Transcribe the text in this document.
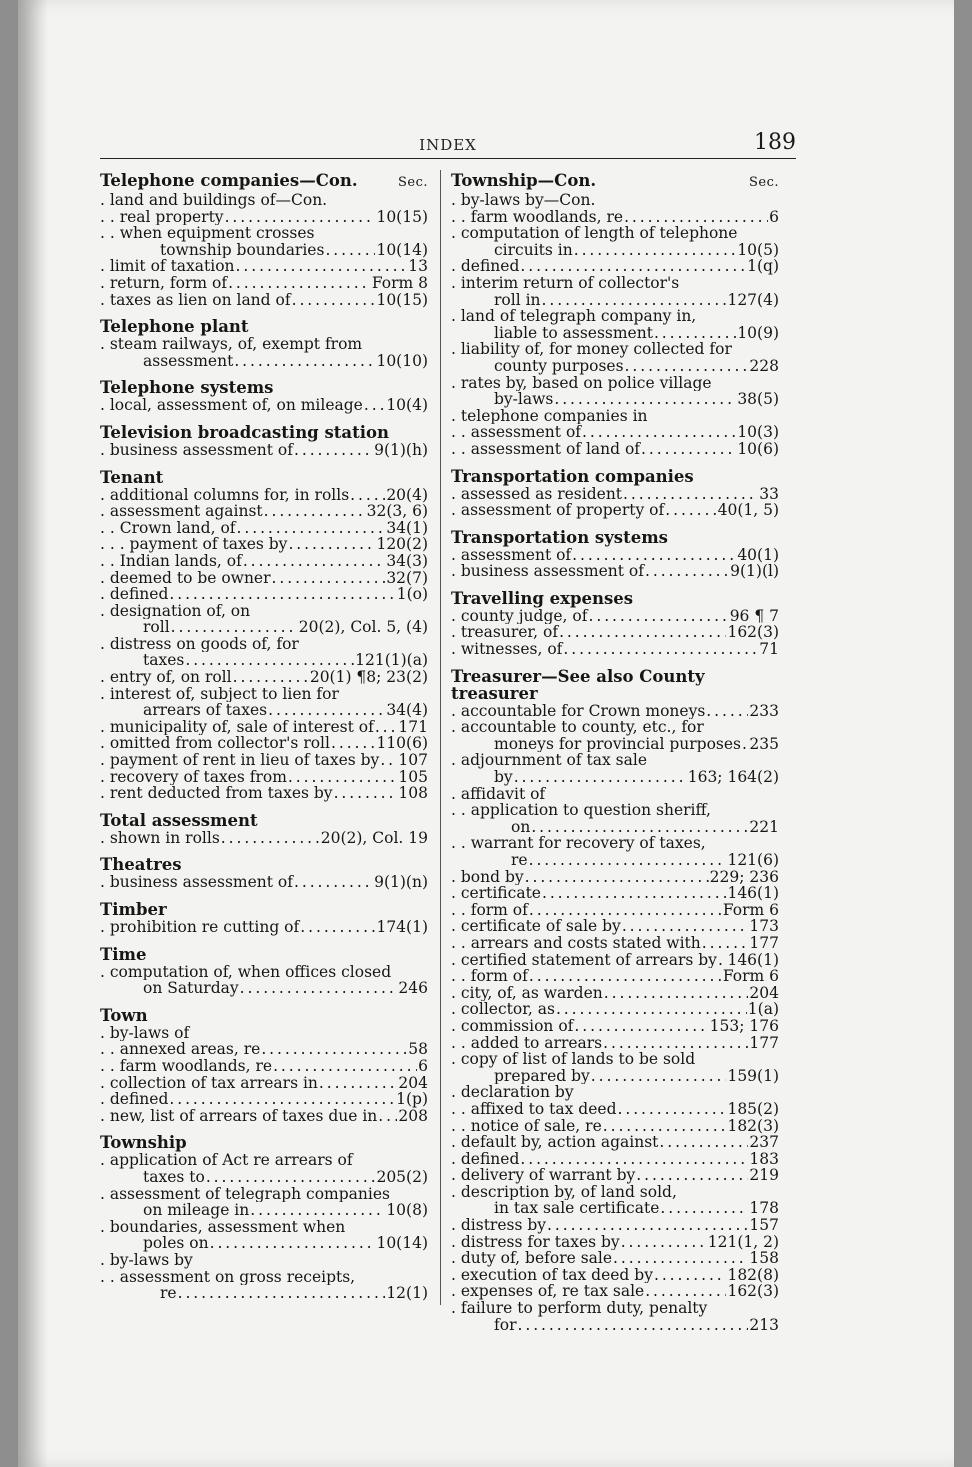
INDEX	189
Telephone companies—Con.	Sec.
. land and buildings of—Con.
. . real property . . .	10(15)
. . when equipment crosses
township boundaries . . .	10(14)
. limit of taxation . . .	13
. return, form of . . .	Form 8
. taxes as lien on land of . . .	10(15)
Telephone plant
. steam railways, of, exempt from
assessment . . .	10(10)
Telephone systems
. local, assessment of, on mileage . . . 10(4)
Television broadcasting station
. business assessment of . . .	9(1)(h)
Tenant
. additional columns for, in rolls . . . 20(4)
. assessment against . . .	32(3, 6)
. . Crown land, of . . .	34(1)
. . . payment of taxes by . . .	120(2)
. . Indian lands, of . . .	34(3)
. deemed to be owner . . .	32(7)
. defined . . .	1(o)
. designation of, on
roll . . .	20(2), Col. 5, (4)
. distress on goods of, for
taxes . . .	121(1)(a)
. entry of, on roll . . .	20(1) ¶8; 23(2)
. interest of, subject to lien for
arrears of taxes . . .	34(4)
. municipality of, sale of interest of . . . 171
. omitted from collector's roll . . .	110(6)
. payment of rent in lieu of taxes by . . . 107
. recovery of taxes from . . .	105
. rent deducted from taxes by . . .	108
Total assessment
. shown in rolls . . .	20(2), Col. 19
Theatres
. business assessment of . . .	9(1)(n)
Timber
. prohibition re cutting of . . .	174(1)
Time
. computation of, when offices closed
on Saturday . . .	246
Town
. by-laws of
. . annexed areas, re . . .	58
. . farm woodlands, re . . .	6
. collection of tax arrears in . . .	204
. defined . . .	1(p)
. new, list of arrears of taxes due in . . . 208
Township
. application of Act re arrears of
taxes to . . .	205(2)
. assessment of telegraph companies
on mileage in . . .	10(8)
. boundaries, assessment when
poles on . . .	10(14)
. by-laws by
. . assessment on gross receipts,
re . . .	12(1)
Township—Con.	Sec.
. by-laws by—Con.
. . farm woodlands, re . . .	6
. computation of length of telephone
circuits in . . .	10(5)
. defined . . .	1(q)
. interim return of collector's
roll in . . .	127(4)
. land of telegraph company in,
liable to assessment . . .	10(9)
. liability of, for money collected for
county purposes . . .	228
. rates by, based on police village
by-laws . . .	38(5)
. telephone companies in
. . assessment of . . .	10(3)
. . assessment of land of . . .	10(6)
Transportation companies
. assessed as resident . . .	33
. assessment of property of . . .	40(1, 5)
Transportation systems
. assessment of . . .	40(1)
. business assessment of . . .	9(1)(l)
Travelling expenses
. county judge, of . . .	96 ¶ 7
. treasurer, of . . .	162(3)
. witnesses, of . . .	71
Treasurer—See also County treasurer
. accountable for Crown moneys . . .	233
. accountable to county, etc., for
moneys for provincial purposes . . . 235
. adjournment of tax sale
by . . .	163; 164(2)
. affidavit of
. . application to question sheriff,
on . . .	221
. . warrant for recovery of taxes,
re . . .	121(6)
. bond by . . .	229; 236
. certificate . . .	146(1)
. . form of . . .	Form 6
. certificate of sale by . . .	173
. . arrears and costs stated with . . .	177
. certified statement of arrears by . . . 146(1)
. . form of . . .	Form 6
. city, of, as warden . . .	204
. collector, as . . .	1(a)
. commission of . . .	153; 176
. . added to arrears . . .	177
. copy of list of lands to be sold
prepared by . . .	159(1)
. declaration by
. . affixed to tax deed . . .	185(2)
. . notice of sale, re . . .	182(3)
. default by, action against . . .	237
. defined . . .	183
. delivery of warrant by . . .	219
. description by, of land sold,
in tax sale certificate . . .	178
. distress by . . .	157
. distress for taxes by . . .	121(1, 2)
. duty of, before sale . . .	158
. execution of tax deed by . . .	182(8)
. expenses of, re tax sale . . .	162(3)
. failure to perform duty, penalty
for . . .	213
